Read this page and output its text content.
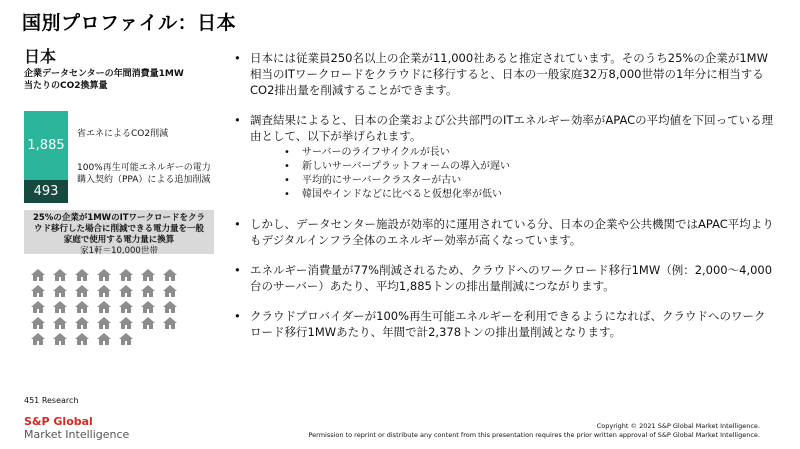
国別プロファイル：日本
日本
企業データセンターの年間消費量1MW
当たりのCO2換算量
1,885
493
省エネによるCO2削減
100%再生可能エネルギーの電力購入契約（PPA）による追加削減
25%の企業が1MWのITワークロードをクラ
ウド移行した場合に削減できる電力量を一般
家庭で使用する電力量に換算
家1軒＝10,000世帯
• 日本には従業員250名以上の企業が11,000社あると推定されています。そのうち25%の企業が1MW相当のITワークロードをクラウドに移行すると、日本の一般家庭32万8,000世帯の1年分に相当するCO2排出量を削減することができます。
• 調査結果によると、日本の企業および公共部門のITエネルギー効率がAPACの平均値を下回っている理由として、以下が挙げられます。
• サーバーのライフサイクルが長い
• 新しいサーバープラットフォームの導入が遅い
• 平均的にサーバークラスターが古い
• 韓国やインドなどに比べると仮想化率が低い
• しかし、データセンター施設が効率的に運用されている分、日本の企業や公共機関ではAPAC平均よりもデジタルインフラ全体のエネルギー効率が高くなっています。
• エネルギー消費量が77%削減されるため、クラウドへのワークロード移行1MW（例：2,000～4,000台のサーバー）あたり、平均1,885トンの排出量削減につながります。
• クラウドプロバイダーが100%再生可能エネルギーを利用できるようになれば、クラウドへのワークロード移行1MWあたり、年間で計2,378トンの排出量削減となります。
451 Research
S&P Global
Market Intelligence
Copyright © 2021 S&P Global Market Intelligence.
Permission to reprint or distribute any content from this presentation requires the prior written approval of S&P Global Market Intelligence.
